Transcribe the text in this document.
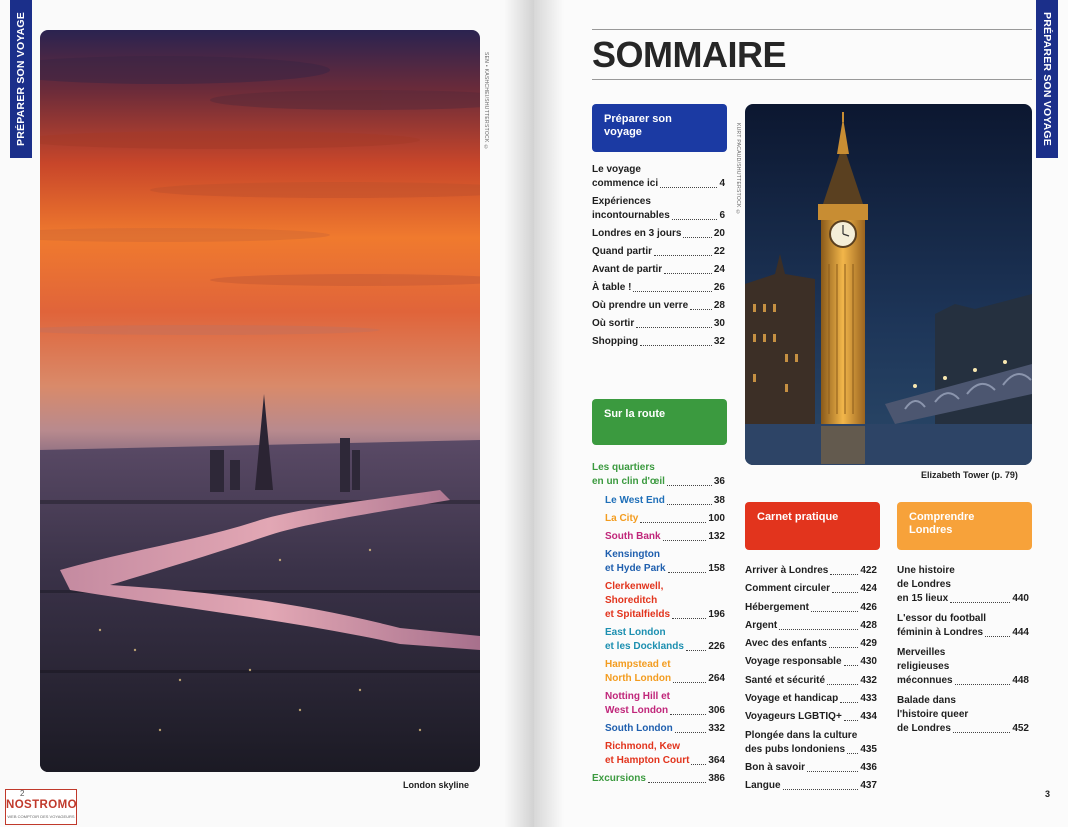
PRÉPARER SON VOYAGE	SEN • KASHCHEI/SHUTTERSTOCK ©
London skyline
2
NOSTROMO
WEB COMPTOIR DES VOYAGEURS
PRÉPARER SON VOYAGE
SOMMAIRE
Préparer son voyage
Sur la route
Carnet pratique	Comprendre Londres
Le voyage
commence ici	4
Expériences
incontournables	6
Londres en 3 jours	20
Quand partir	22
Avant de partir	24
À table !	26
Où prendre un verre	28
Où sortir	30
Shopping	32
Les quartiers
en un clin d'œil	36
Le West End	38
La City	100
South Bank	132
Kensington
et Hyde Park	158
Clerkenwell,
Shoreditch
et Spitalfields	196
East London
et les Docklands 226
Hampstead et
North London	264
Notting Hill et
West London	306
South London	332
Richmond, Kew
et Hampton Court 364
Excursions	386
Arriver à Londres	422
Comment circuler	424
Hébergement	426
Argent	428
Avec des enfants	429
Voyage responsable 430
Santé et sécurité	432
Voyage et handicap 433
Voyageurs LGBTIQ+ 434
Plongée dans la culture
des pubs londoniens 435
Bon à savoir	436
Langue	437
Une histoire
de Londres
en 15 lieux	440
L'essor du football
féminin à Londres	444
Merveilles
religieuses
méconnues	448
Balade dans
l'histoire queer
de Londres	452
KURT PACAUD/SHUTTERSTOCK ©
Elizabeth Tower (p. 79)
3
